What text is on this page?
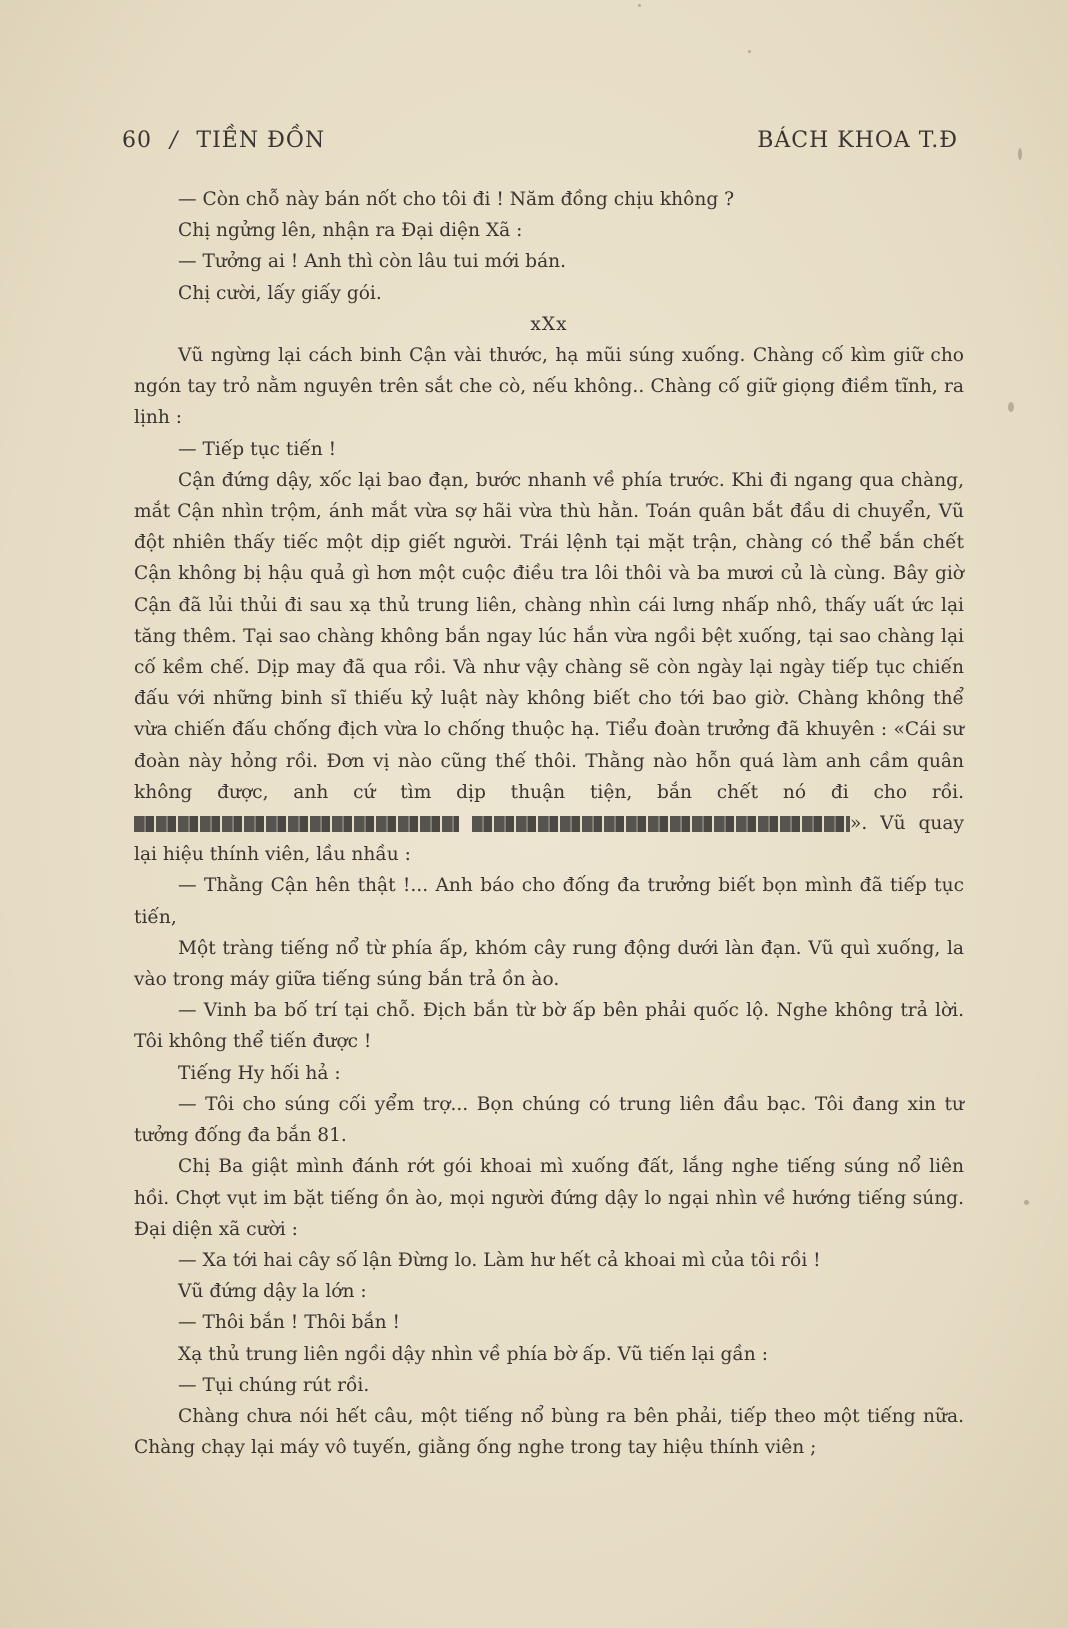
60 / TIỀN ĐỒN	BÁCH KHOA T.Đ

— Còn chỗ này bán nốt cho tôi đi ! Năm đồng chịu không ?

Chị ngửng lên, nhận ra Đại diện Xã :

— Tưởng ai ! Anh thì còn lâu tui mới bán.

Chị cười, lấy giấy gói.

xXx

Vũ ngừng lại cách binh Cận vài thước, hạ mũi súng xuống. Chàng cố kìm giữ cho ngón tay trỏ nằm nguyên trên sắt che cò, nếu không.. Chàng cố giữ giọng điềm tĩnh, ra lịnh :

— Tiếp tục tiến !

Cận đứng dậy, xốc lại bao đạn, bước nhanh về phía trước. Khi đi ngang qua chàng, mắt Cận nhìn trộm, ánh mắt vừa sợ hãi vừa thù hằn. Toán quân bắt đầu di chuyển, Vũ đột nhiên thấy tiếc một dịp giết người. Trái lệnh tại mặt trận, chàng có thể bắn chết Cận không bị hậu quả gì hơn một cuộc điều tra lôi thôi và ba mươi củ là cùng. Bây giờ Cận đã lủi thủi đi sau xạ thủ trung liên, chàng nhìn cái lưng nhấp nhô, thấy uất ức lại tăng thêm. Tại sao chàng không bắn ngay lúc hắn vừa ngồi bệt xuống, tại sao chàng lại cố kềm chế. Dịp may đã qua rồi. Và như vậy chàng sẽ còn ngày lại ngày tiếp tục chiến đấu với những binh sĩ thiếu kỷ luật này không biết cho tới bao giờ. Chàng không thể vừa chiến đấu chống địch vừa lo chống thuộc hạ. Tiểu đoàn trưởng đã khuyên : «Cái sư đoàn này hỏng rồi. Đơn vị nào cũng thế thôi. Thằng nào hỗn quá làm anh cầm quân không được, anh cứ tìm dịp thuận tiện, bắn chết nó đi cho rồi.  ». Vũ quay lại hiệu thính viên, lầu nhầu :

— Thằng Cận hên thật !... Anh báo cho đống đa trưởng biết bọn mình đã tiếp tục tiến,

Một tràng tiếng nổ từ phía ấp, khóm cây rung động dưới làn đạn. Vũ quì xuống, la vào trong máy giữa tiếng súng bắn trả ồn ào.

— Vinh ba bố trí tại chỗ. Địch bắn từ bờ ấp bên phải quốc lộ. Nghe không trả lời. Tôi không thể tiến được !

Tiếng Hy hối hả :

— Tôi cho súng cối yểm trợ... Bọn chúng có trung liên đầu bạc. Tôi đang xin tư tưởng đống đa bắn 81.

Chị Ba giật mình đánh rớt gói khoai mì xuống đất, lắng nghe tiếng súng nổ liên hồi. Chợt vụt im bặt tiếng ồn ào, mọi người đứng dậy lo ngại nhìn về hướng tiếng súng. Đại diện xã cười :

— Xa tới hai cây số lận Đừng lo. Làm hư hết cả khoai mì của tôi rồi !

Vũ đứng dậy la lớn :

— Thôi bắn ! Thôi bắn !

Xạ thủ trung liên ngồi dậy nhìn về phía bờ ấp. Vũ tiến lại gần :

— Tụi chúng rút rồi.

Chàng chưa nói hết câu, một tiếng nổ bùng ra bên phải, tiếp theo một tiếng nữa. Chàng chạy lại máy vô tuyến, giằng ống nghe trong tay hiệu thính viên ;
